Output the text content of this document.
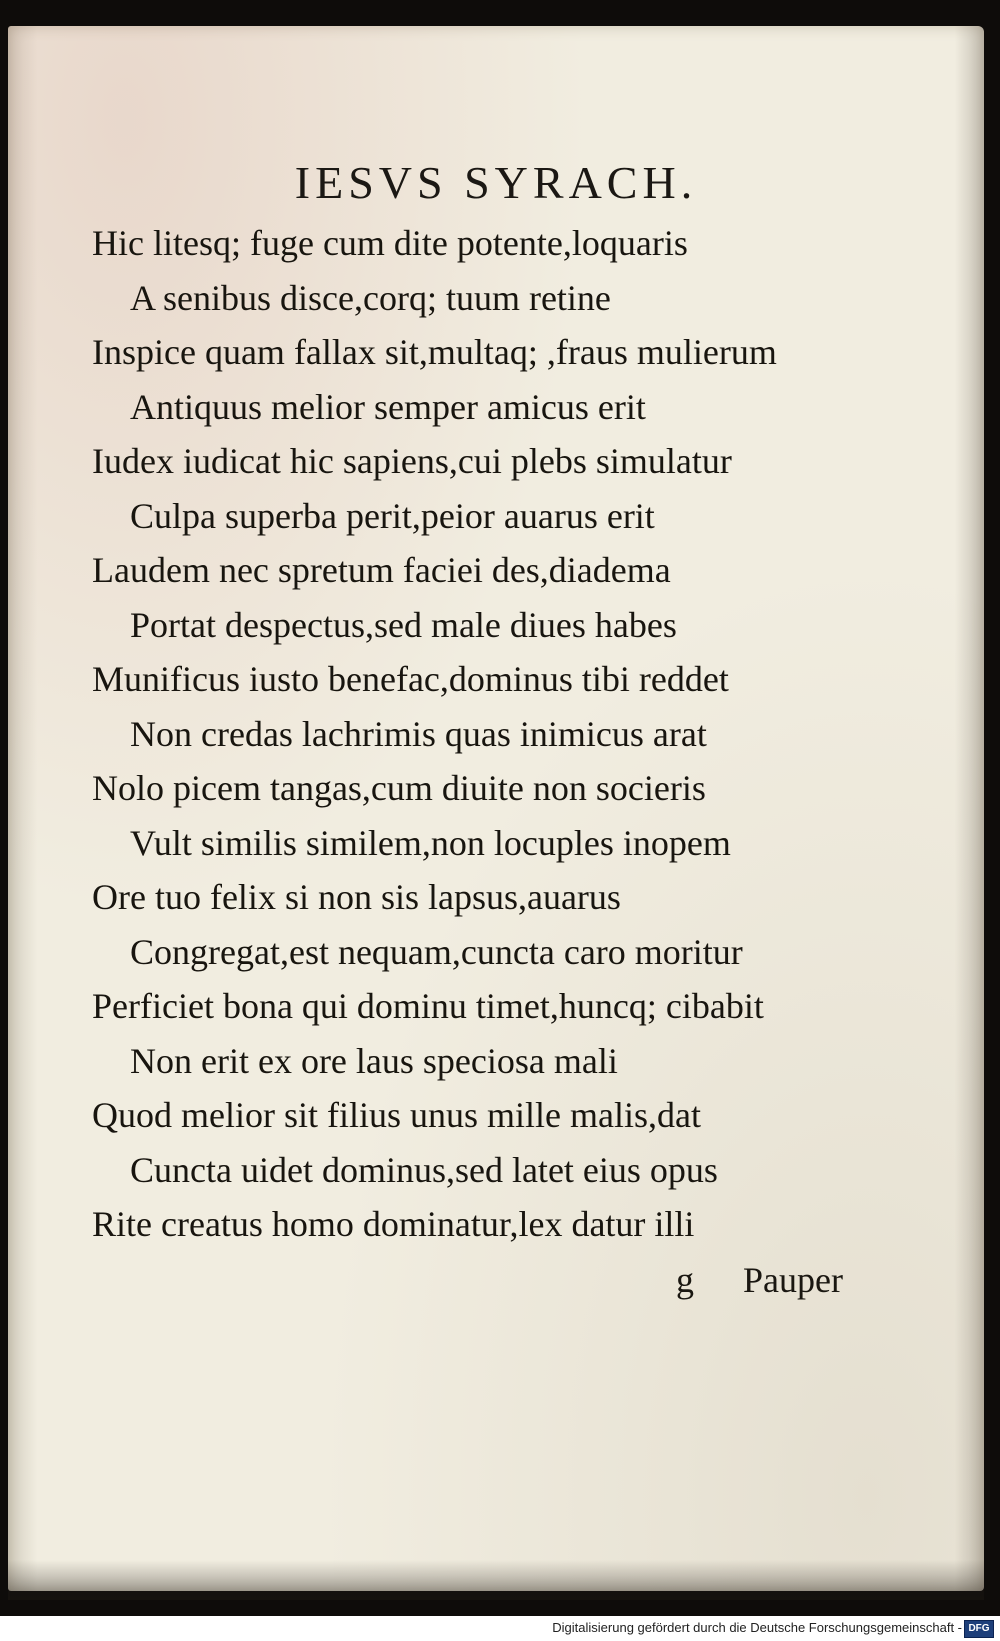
IESVS SYRACH.
Hic litesq; fuge cum dite potente,loquaris
A senibus disce,corq; tuum retine
Inspice quam fallax sit,multaq; ,fraus mulierum
Antiquus melior semper amicus erit
Iudex iudicat hic sapiens,cui plebs simulatur
Culpa superba perit,peior auarus erit
Laudem nec spretum faciei des,diadema
Portat despectus,sed male diues habes
Munificus iusto benefac,dominus tibi reddet
Non credas lachrimis quas inimicus arat
Nolo picem tangas,cum diuite non socieris
Vult similis similem,non locuples inopem
Ore tuo felix si non sis lapsus,auarus
Congregat,est nequam,cuncta caro moritur
Perficiet bona qui dominu timet,huncq; cibabit
Non erit ex ore laus speciosa mali
Quod melior sit filius unus mille malis,dat
Cuncta uidet dominus,sed latet eius opus
Rite creatus homo dominatur,lex datur illi
g Pauper
Digitalisierung gefördert durch die Deutsche Forschungsgemeinschaft - DFG
